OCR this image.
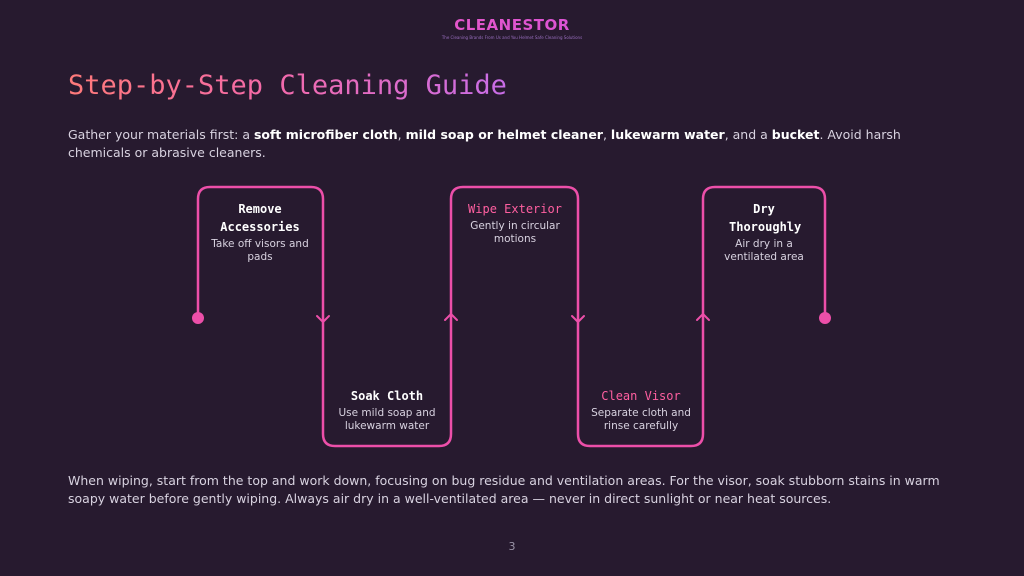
CLEANESTOR
The Cleaning Brands From Us and You Helmet Safe Cleaning Solutions
Step-by-Step Cleaning Guide

Gather your materials first: a soft microfiber cloth, mild soap or helmet cleaner, lukewarm water, and a bucket. Avoid harsh chemicals or abrasive cleaners.

Remove Accessories
Take off visors and pads
Soak Cloth
Use mild soap and lukewarm water
Wipe Exterior
Gently in circular motions
Clean Visor
Separate cloth and rinse carefully
Dry Thoroughly
Air dry in a ventilated area

When wiping, start from the top and work down, focusing on bug residue and ventilation areas. For the visor, soak stubborn stains in warm soapy water before gently wiping. Always air dry in a well-ventilated area — never in direct sunlight or near heat sources.

3
